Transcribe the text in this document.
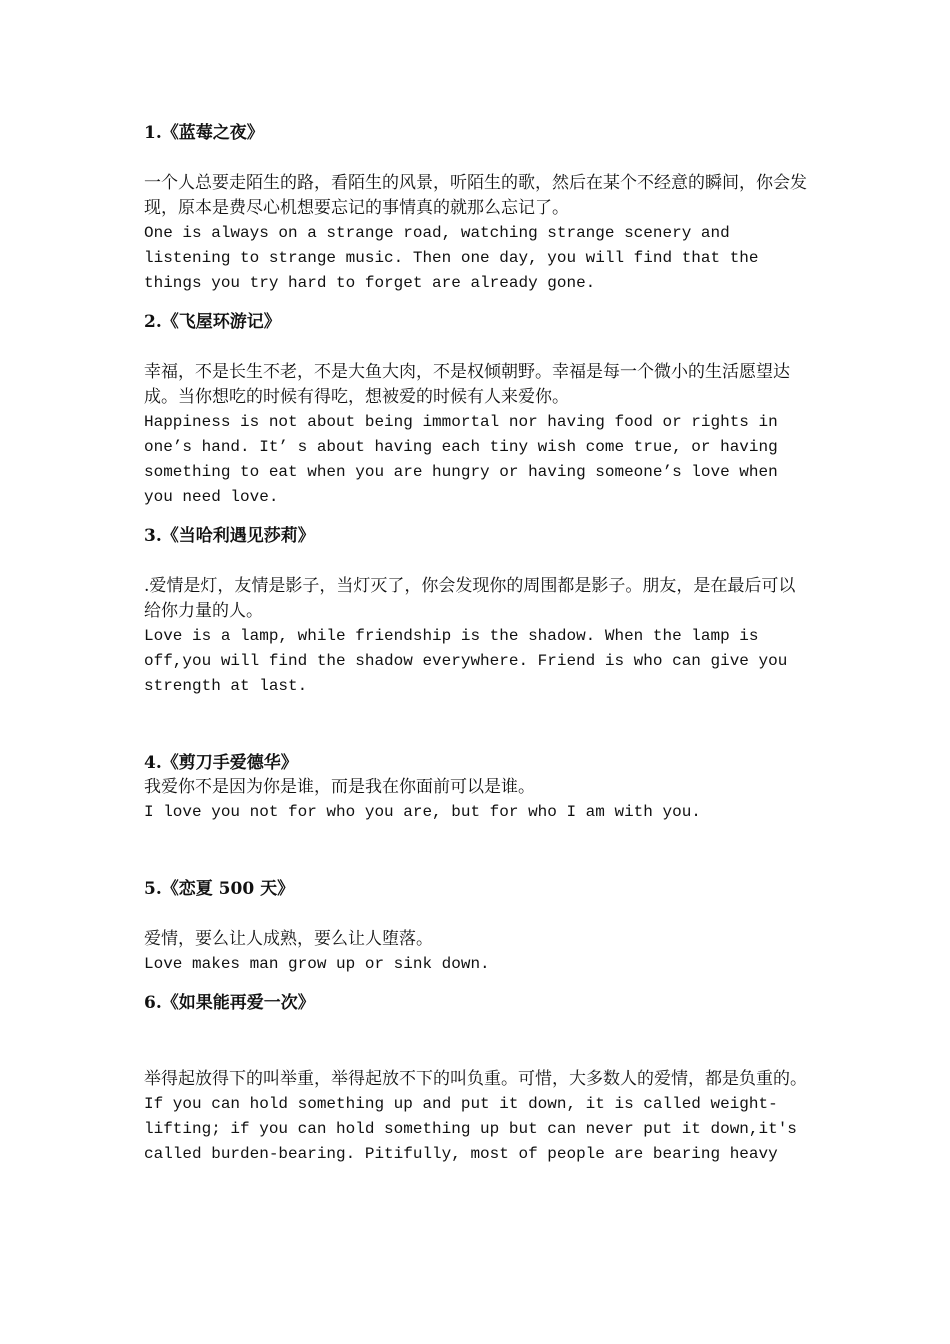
1.《蓝莓之夜》
一个人总要走陌生的路，看陌生的风景，听陌生的歌，然后在某个不经意的瞬间，你会发现，原本是费尽心机想要忘记的事情真的就那么忘记了。
One is always on a strange road, watching strange scenery and
listening to strange music. Then one day, you will find that the
things you try hard to forget are already gone.
2.《飞屋环游记》
幸福，不是长生不老，不是大鱼大肉，不是权倾朝野。幸福是每一个微小的生活愿望达成。当你想吃的时候有得吃，想被爱的时候有人来爱你。
Happiness is not about being immortal nor having food or rights in
one’s hand. It’ s about having each tiny wish come true, or having
something to eat when you are hungry or having someone’s love when
you need love.
3.《当哈利遇见莎莉》
.爱情是灯，友情是影子，当灯灭了，你会发现你的周围都是影子。朋友，是在最后可以给你力量的人。
Love is a lamp, while friendship is the shadow. When the lamp is
off,you will find the shadow everywhere. Friend is who can give you
strength at last.
4.《剪刀手爱德华》
我爱你不是因为你是谁，而是我在你面前可以是谁。
I love you not for who you are, but for who I am with you.
5.《恋夏 500 天》
爱情，要么让人成熟，要么让人堕落。
Love makes man grow up or sink down.
6.《如果能再爱一次》
举得起放得下的叫举重，举得起放不下的叫负重。可惜，大多数人的爱情，都是负重的。
If you can hold something up and put it down, it is called weight-
lifting; if you can hold something up but can never put it down,it's
called burden-bearing. Pitifully, most of people are bearing heavy
